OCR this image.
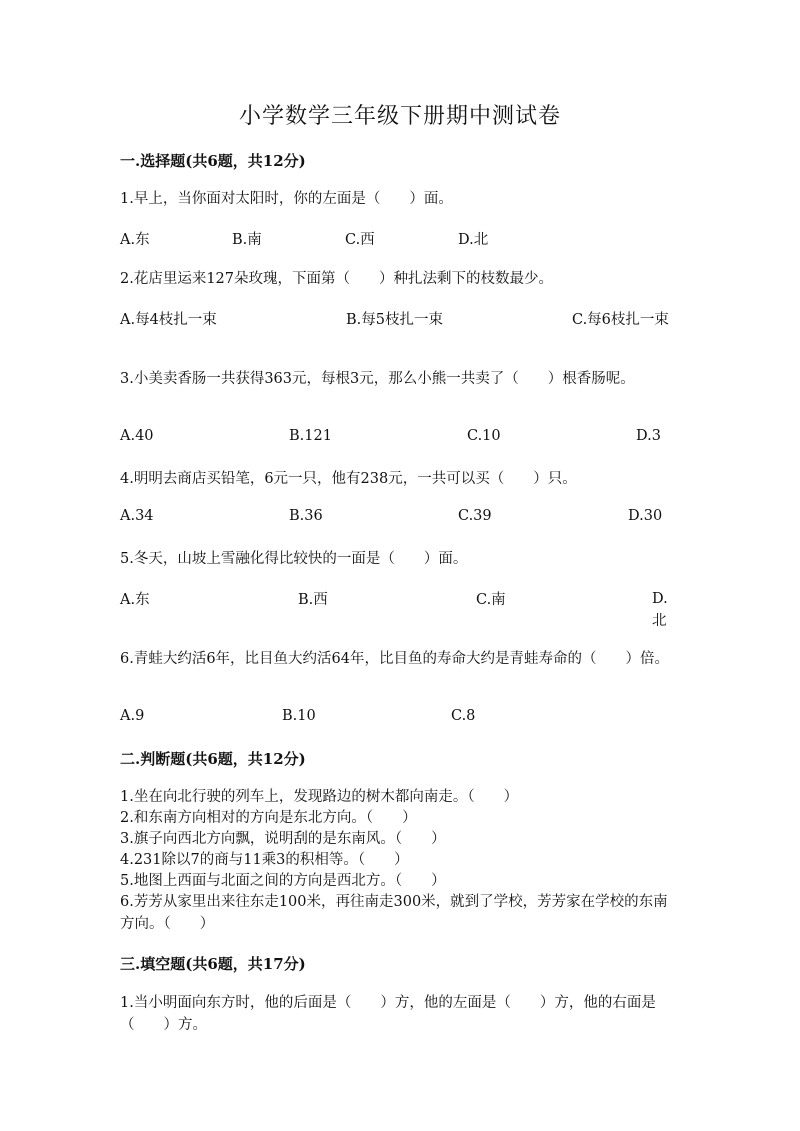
小学数学三年级下册期中测试卷
一.选择题(共6题，共12分)
1.早上，当你面对太阳时，你的左面是（　　）面。
A.东	B.南	C.西	D.北
2.花店里运来127朵玫瑰，下面第（　　）种扎法剩下的枝数最少。
A.每4枝扎一束	B.每5枝扎一束	C.每6枝扎一束
3.小美卖香肠一共获得363元，每根3元，那么小熊一共卖了（　　）根香肠呢。
A.40	B.121	C.10	D.3
4.明明去商店买铅笔，6元一只，他有238元，一共可以买（　　）只。
A.34	B.36	C.39	D.30
5.冬天，山坡上雪融化得比较快的一面是（　　）面。
A.东	B.西	C.南	D.北
6.青蛙大约活6年，比目鱼大约活64年，比目鱼的寿命大约是青蛙寿命的（　　）倍。
A.9	B.10	C.8
二.判断题(共6题，共12分)
1.坐在向北行驶的列车上，发现路边的树木都向南走。（　　）
2.和东南方向相对的方向是东北方向。（　　）
3.旗子向西北方向飘，说明刮的是东南风。（　　）
4.231除以7的商与11乘3的积相等。（　　）
5.地图上西面与北面之间的方向是西北方。（　　）
6.芳芳从家里出来往东走100米，再往南走300米，就到了学校，芳芳家在学校的东南方向。（　　）
三.填空题(共6题，共17分)
1.当小明面向东方时，他的后面是（　　）方，他的左面是（　　）方，他的右面是（　　）方。
